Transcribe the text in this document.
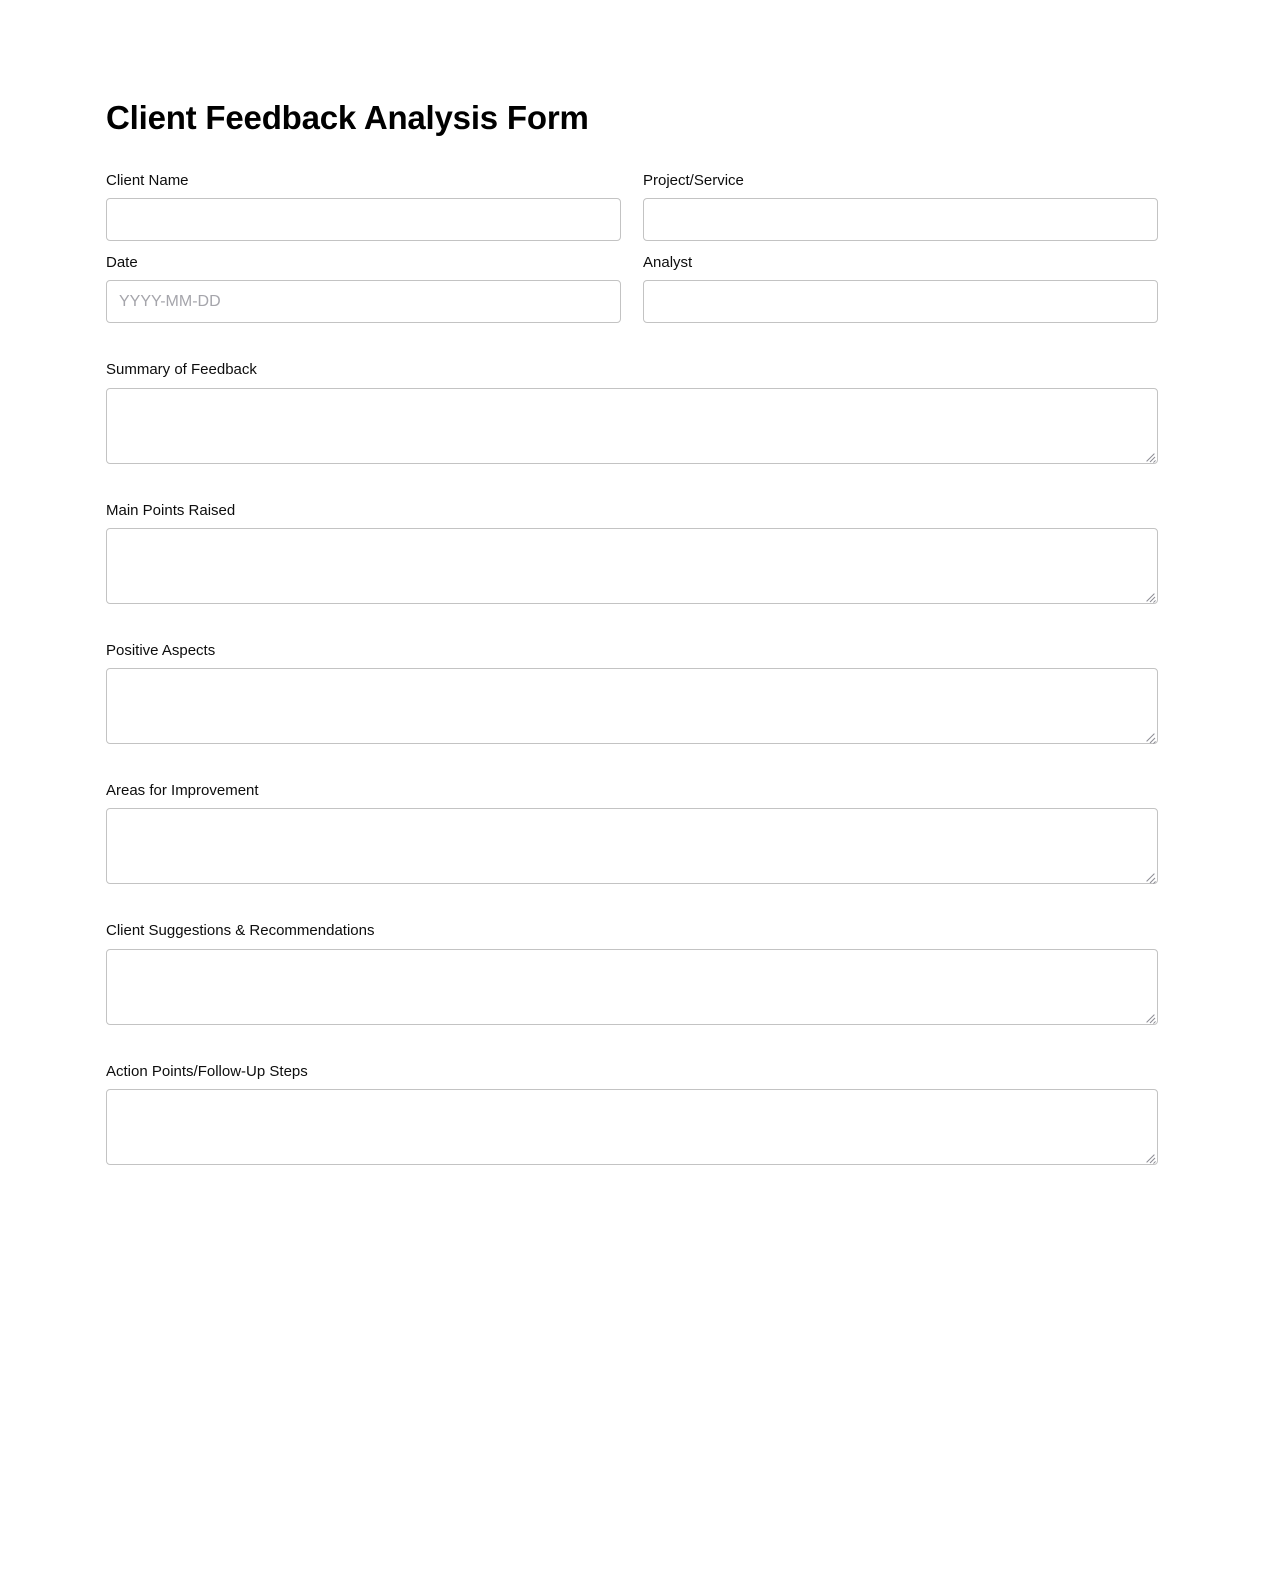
Client Feedback Analysis Form
Client Name
Date
YYYY-MM-DD
Project/Service
Analyst
Summary of Feedback
Main Points Raised
Positive Aspects
Areas for Improvement
Client Suggestions & Recommendations
Action Points/Follow-Up Steps
